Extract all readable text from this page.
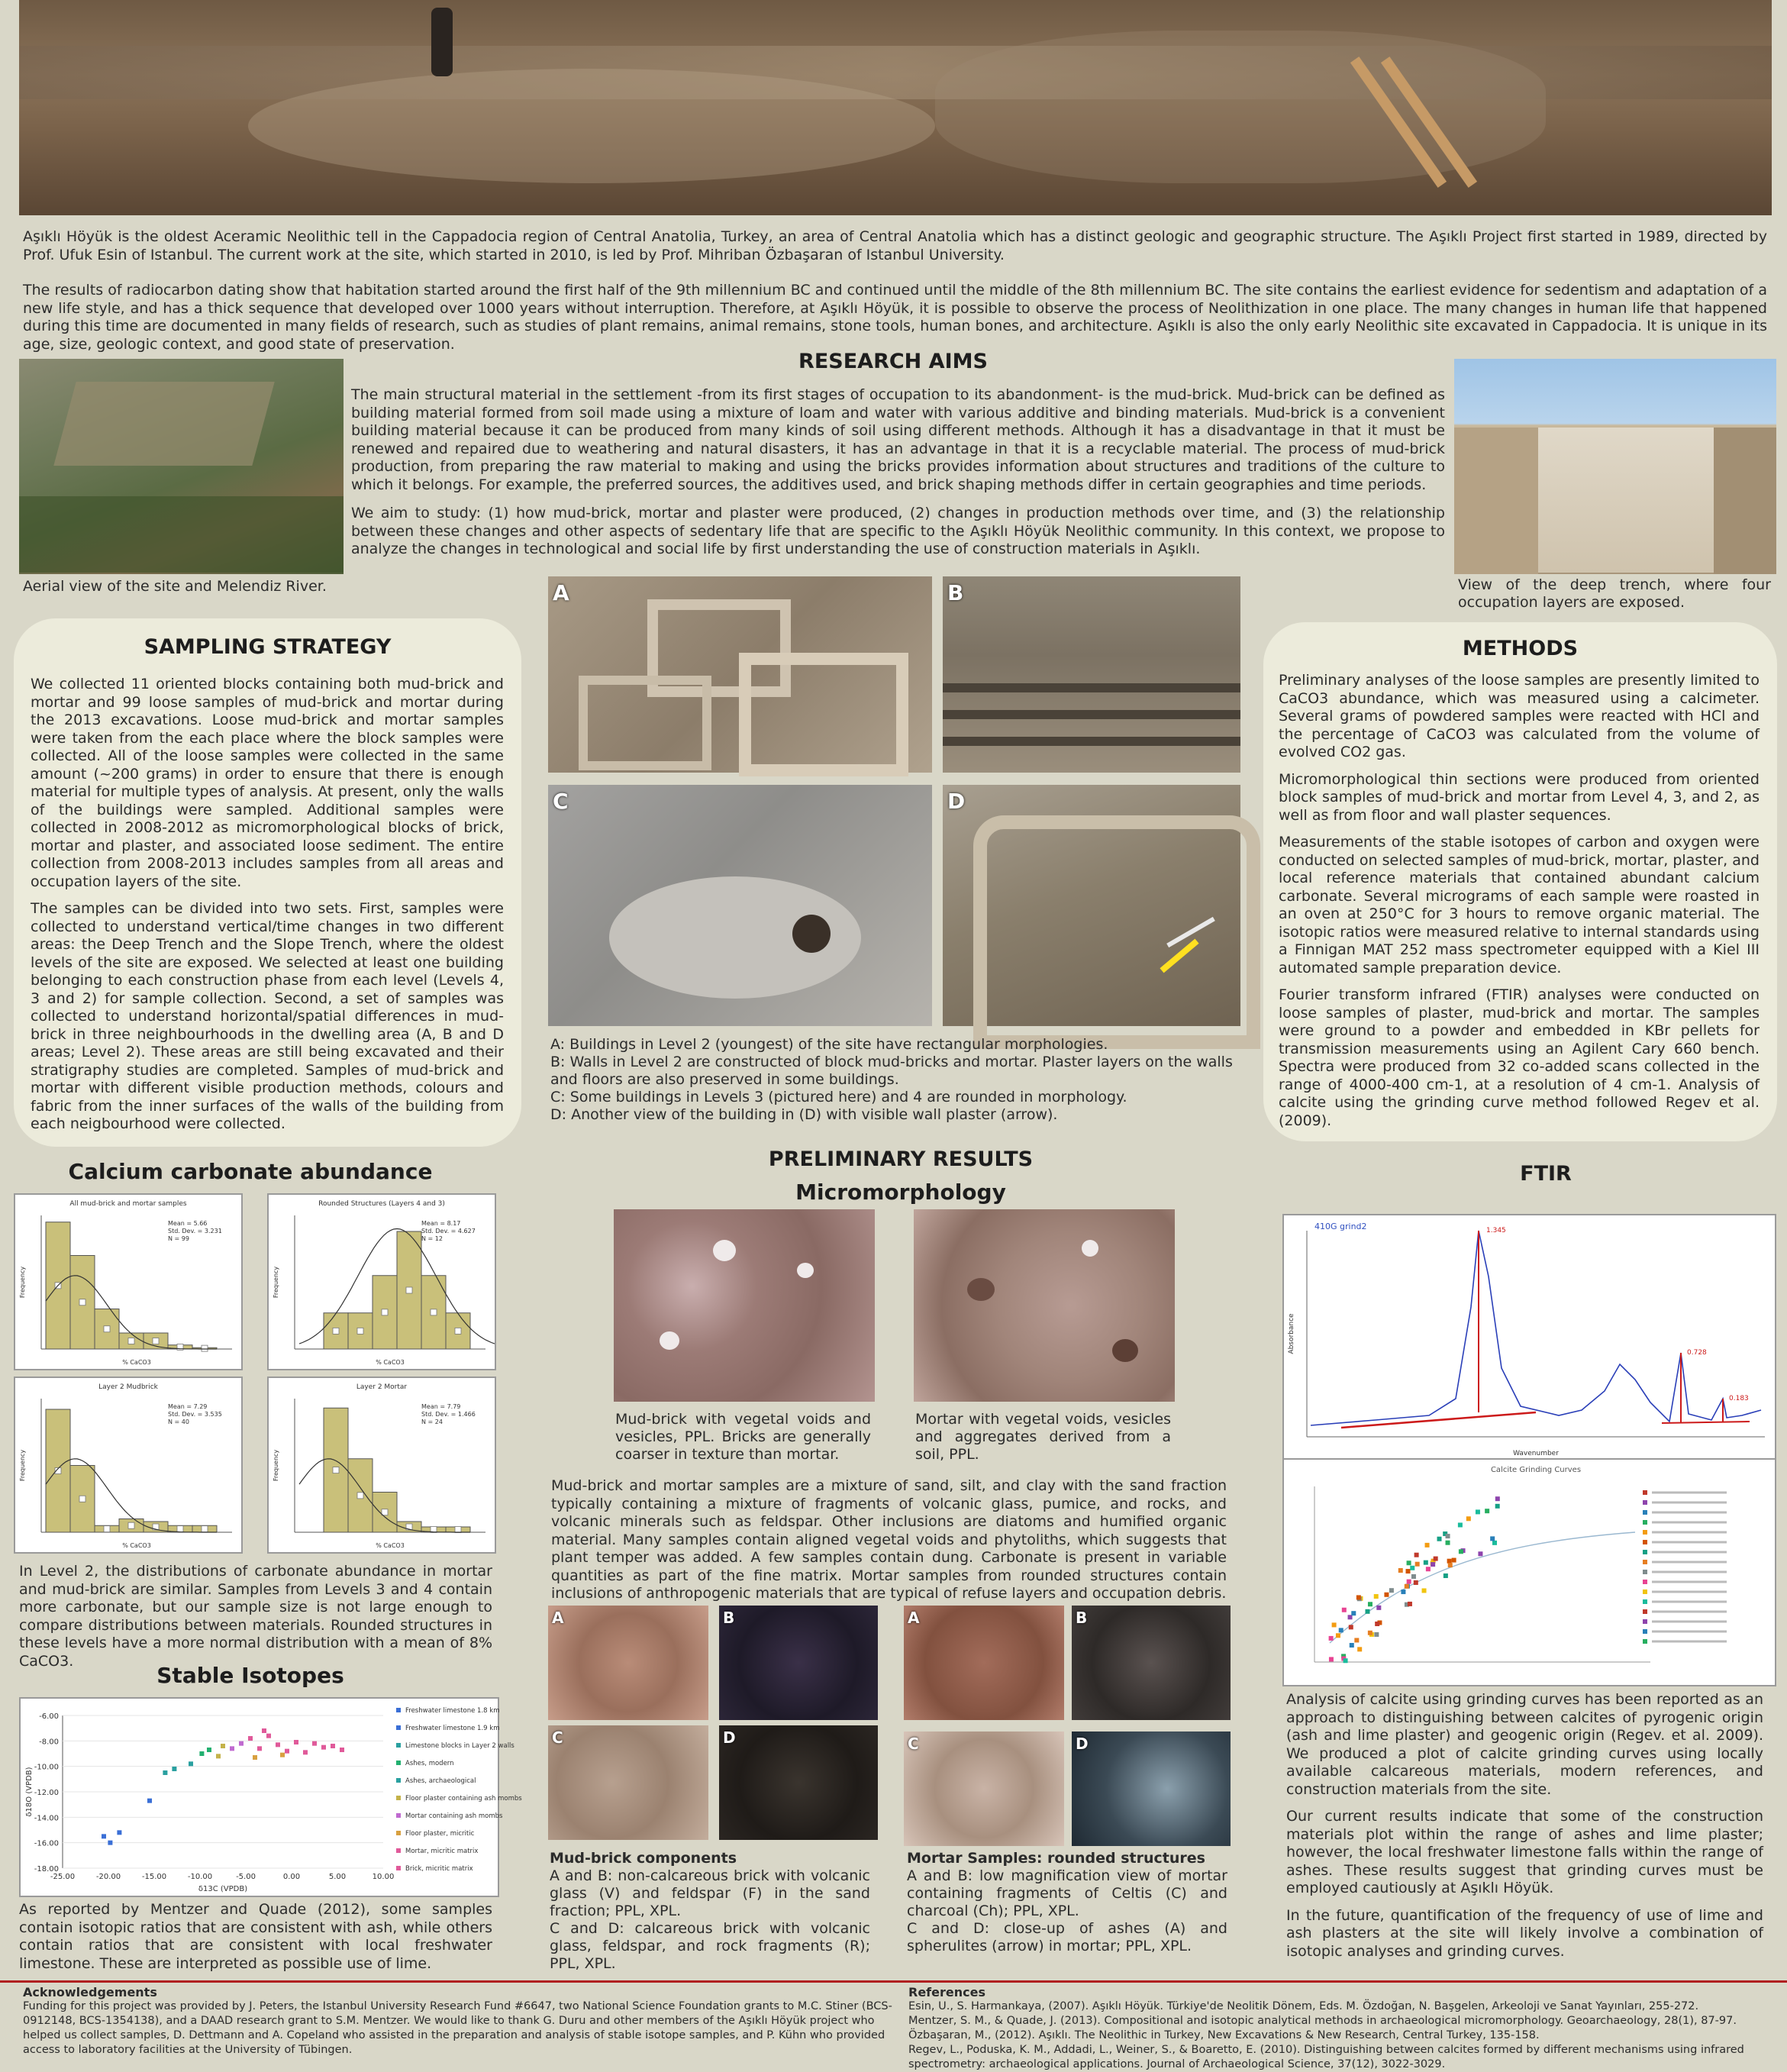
Aşıklı Höyük is the oldest Aceramic Neolithic tell in the Cappadocia region of Central Anatolia, Turkey, an area of Central Anatolia which has a distinct geologic and geographic structure. The Aşıklı Project first started in 1989, directed by Prof. Ufuk Esin of Istanbul. The current work at the site, which started in 2010, is led by Prof. Mihriban Özbaşaran of Istanbul University.

The results of radiocarbon dating show that habitation started around the first half of the 9th millennium BC and continued until the middle of the 8th millennium BC. The site contains the earliest evidence for sedentism and adaptation of a new life style, and has a thick sequence that developed over 1000 years without interruption. Therefore, at Aşıklı Höyük, it is possible to observe the process of Neolithization in one place. The many changes in human life that happened during this time are documented in many fields of research, such as studies of plant remains, animal remains, stone tools, human bones, and architecture. Aşıklı is also the only early Neolithic site excavated in Cappadocia. It is unique in its age, size, geologic context, and good state of preservation.

Aerial view of the site and Melendiz River.
RESEARCH AIMS

The main structural material in the settlement -from its first stages of occupation to its abandonment- is the mud-brick. Mud-brick can be defined as building material formed from soil made using a mixture of loam and water with various additive and binding materials. Mud-brick is a convenient building material because it can be produced from many kinds of soil using different methods. Although it has a disadvantage in that it must be renewed and repaired due to weathering and natural disasters, it has an advantage in that it is a recyclable material. The process of mud-brick production, from preparing the raw material to making and using the bricks provides information about structures and traditions of the culture to which it belongs. For example, the preferred sources, the additives used, and brick shaping methods differ in certain geographies and time periods.

We aim to study: (1) how mud-brick, mortar and plaster were produced, (2) changes in production methods over time, and (3) the relationship between these changes and other aspects of sedentary life that are specific to the Aşıklı Höyük Neolithic community. In this context, we propose to analyze the changes in technological and social life by first understanding the use of construction materials in Aşıklı.

View of the deep trench, where four occupation layers are exposed.
SAMPLING STRATEGY

We collected 11 oriented blocks containing both mud-brick and mortar and 99 loose samples of mud-brick and mortar during the 2013 excavations. Loose mud-brick and mortar samples were taken from the each place where the block samples were collected. All of the loose samples were collected in the same amount (~200 grams) in order to ensure that there is enough material for multiple types of analysis. At present, only the walls of the buildings were sampled. Additional samples were collected in 2008-2012 as micromorphological blocks of brick, mortar and plaster, and associated loose sediment. The entire collection from 2008-2013 includes samples from all areas and occupation layers of the site.

The samples can be divided into two sets. First, samples were collected to understand vertical/time changes in two different areas: the Deep Trench and the Slope Trench, where the oldest levels of the site are exposed. We selected at least one building belonging to each construction phase from each level (Levels 4, 3 and 2) for sample collection. Second, a set of samples was collected to understand horizontal/spatial differences in mud-brick in three neighbourhoods in the dwelling area (A, B and D areas; Level 2). These areas are still being excavated and their stratigraphy studies are completed. Samples of mud-brick and mortar with different visible production methods, colours and fabric from the inner surfaces of the walls of the building from each neigbourhood were collected.

METHODS

Preliminary analyses of the loose samples are presently limited to CaCO3 abundance, which was measured using a calcimeter. Several grams of powdered samples were reacted with HCl and the percentage of CaCO3 was calculated from the volume of evolved CO2 gas.

Micromorphological thin sections were produced from oriented block samples of mud-brick and mortar from Level 4, 3, and 2, as well as from floor and wall plaster sequences.

Measurements of the stable isotopes of carbon and oxygen were conducted on selected samples of mud-brick, mortar, plaster, and local reference materials that contained abundant calcium carbonate. Several micrograms of each sample were roasted in an oven at 250°C for 3 hours to remove organic material. The isotopic ratios were measured relative to internal standards using a Finnigan MAT 252 mass spectrometer equipped with a Kiel III automated sample preparation device.

Fourier transform infrared (FTIR) analyses were conducted on loose samples of plaster, mud-brick and mortar. The samples were ground to a powder and embedded in KBr pellets for transmission measurements using an Agilent Cary 660 bench. Spectra were produced from 32 co-added scans collected in the range of 4000-400 cm-1, at a resolution of 4 cm-1. Analysis of calcite using the grinding curve method followed Regev et al. (2009).

A	B
C	D
A: Buildings in Level 2 (youngest) of the site have rectangular morphologies.
B: Walls in Level 2 are constructed of block mud-bricks and mortar. Plaster layers on the walls and floors are also preserved in some buildings.
C: Some buildings in Levels 3 (pictured here) and 4 are rounded in morphology.
D: Another view of the building in (D) with visible wall plaster (arrow).
Calcium carbonate abundance
All mud-brick and mortar samples
Mean = 5.66
Std. Dev. = 3.231
N = 99
% CaCO3
Frequency
Rounded Structures (Layers 4 and 3)
Mean = 8.17
Std. Dev. = 4.627
N = 12
% CaCO3
Frequency
Layer 2 Mudbrick
Mean = 7.29
Std. Dev. = 3.535
N = 40
% CaCO3
Frequency
Layer 2 Mortar
Mean = 7.79
Std. Dev. = 1.466
N = 24
% CaCO3
Frequency
In Level 2, the distributions of carbonate abundance in mortar and mud-brick are similar. Samples from Levels 3 and 4 contain more carbonate, but our sample size is not large enough to compare distributions between materials. Rounded structures in these levels have a more normal distribution with a mean of 8% CaCO3.
Stable Isotopes
-6.00
-8.00
-10.00
-12.00
-14.00
-16.00
-18.00
-25.00	-20.00	-15.00	-10.00	-5.00	0.00	5.00	10.00
δ13C (VPDB)
δ18O (VPDB)
Freshwater limestone 1.8 km
Freshwater limestone 1.9 km
Limestone blocks in Layer 2 walls
Ashes, modern
Ashes, archaeological
Floor plaster containing ash mombs
Mortar containing ash mombs
Floor plaster, micritic
Mortar, micritic matrix
Brick, micritic matrix
As reported by Mentzer and Quade (2012), some samples contain isotopic ratios that are consistent with ash, while others contain ratios that are consistent with local freshwater limestone. These are interpreted as possible use of lime.
PRELIMINARY RESULTS
Micromorphology
Mud-brick with vegetal voids and vesicles, PPL. Bricks are generally coarser in texture than mortar.
Mortar with vegetal voids, vesicles and aggregates derived from a soil, PPL.
Mud-brick and mortar samples are a mixture of sand, silt, and clay with the sand fraction typically containing a mixture of fragments of volcanic glass, pumice, and rocks, and volcanic minerals such as feldspar. Other inclusions are diatoms and humified organic material. Many samples contain aligned vegetal voids and phytoliths, which suggests that plant temper was added. A few samples contain dung. Carbonate is present in variable quantities as part of the fine matrix. Mortar samples from rounded structures contain inclusions of anthropogenic materials that are typical of refuse layers and occupation debris.
A	B
C	D
Mud-brick components
A and B: non-calcareous brick with volcanic glass (V) and feldspar (F) in the sand fraction; PPL, XPL.
C and D: calcareous brick with volcanic glass, feldspar, and rock fragments (R); PPL, XPL.
A	B
C	D
Mortar Samples: rounded structures
A and B: low magnification view of mortar containing fragments of Celtis (C) and charcoal (Ch); PPL, XPL.
C and D: close-up of ashes (A) and spherulites (arrow) in mortar; PPL, XPL.
FTIR
410G grind2
Wavenumber
Absorbance
1.345
0.728
0.183
Calcite Grinding Curves

Analysis of calcite using grinding curves has been reported as an approach to distinguishing between calcites of pyrogenic origin (ash and lime plaster) and geogenic origin (Regev. et al. 2009). We produced a plot of calcite grinding curves using locally available calcareous materials, modern references, and construction materials from the site.

Our current results indicate that some of the construction materials plot within the range of ashes and lime plaster; however, the local freshwater limestone falls within the range of ashes. These results suggest that grinding curves must be employed cautiously at Aşıklı Höyük.

In the future, quantification of the frequency of use of lime and ash plasters at the site will likely involve a combination of isotopic analyses and grinding curves.

Acknowledgements
Funding for this project was provided by J. Peters, the Istanbul University Research Fund #6647, two National Science Foundation grants to M.C. Stiner (BCS-0912148, BCS-1354138), and a DAAD research grant to S.M. Mentzer. We would like to thank G. Duru and other members of the Aşıklı Höyük project who helped us collect samples, D. Dettmann and A. Copeland who assisted in the preparation and analysis of stable isotope samples, and P. Kühn who provided access to laboratory facilities at the University of Tübingen.
References
Esin, U., S. Harmankaya, (2007). Aşıklı Höyük. Türkiye'de Neolitik Dönem, Eds. M. Özdoğan, N. Başgelen, Arkeoloji ve Sanat Yayınları, 255-272.
Mentzer, S. M., & Quade, J. (2013). Compositional and isotopic analytical methods in archaeological micromorphology. Geoarchaeology, 28(1), 87-97.
Özbaşaran, M., (2012). Aşıklı. The Neolithic in Turkey, New Excavations & New Research, Central Turkey, 135-158.
Regev, L., Poduska, K. M., Addadi, L., Weiner, S., & Boaretto, E. (2010). Distinguishing between calcites formed by different mechanisms using infrared spectrometry: archaeological applications. Journal of Archaeological Science, 37(12), 3022-3029.
